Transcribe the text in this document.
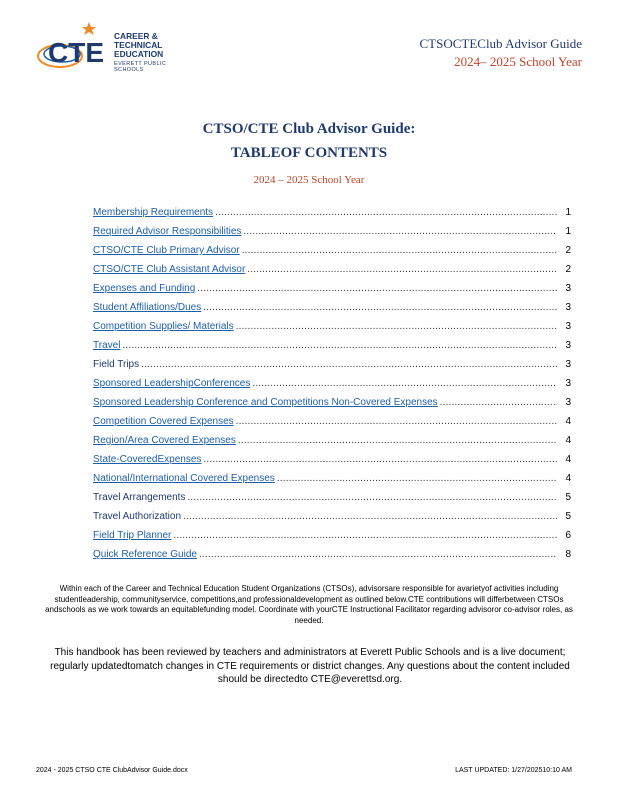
CTE
CAREER &
TECHNICAL
EDUCATION
EVERETT PUBLIC SCHOOLS
CTSOCTEClub Advisor Guide
2024– 2025 School Year
CTSO/CTE Club Advisor Guide:
TABLEOF CONTENTS
2024 – 2025 School Year
Membership Requirements .....	1
Required Advisor Responsibilities .....	1
CTSO/CTE Club Primary Advisor .....	2
CTSO/CTE Club Assistant Advisor .....	2
Expenses and Funding .....	3
Student Affiliations/Dues .....	3
Competition Supplies/ Materials .....	3
Travel .....	3
Field Trips .....	3
Sponsored LeadershipConferences .....	3
Sponsored Leadership Conference and Competitions Non-Covered Expenses .....	3
Competition Covered Expenses .....	4
Region/Area Covered Expenses .....	4
State-CoveredExpenses .....	4
National/International Covered Expenses .....	4
Travel Arrangements .....	5
Travel Authorization .....	5
Field Trip Planner .....	6
Quick Reference Guide .....	8
Within each of the Career and Technical Education Student Organizations (CTSOs), advisorsare responsible for avarietyof activities including studentleadership, communityservice, competitions,and professionaldevelopment as outlined below.CTE contributions will differbetween CTSOs andschools as we work towards an equitablefunding model. Coordinate with yourCTE Instructional Facilitator regarding advisoror co-advisor roles, as needed.
This handbook has been reviewed by teachers and administrators at Everett Public Schools and is a live document; regularly updatedtomatch changes in CTE requirements or district changes. Any questions about the content included should be directedto CTE@everettsd.org.
2024 - 2025 CTSO CTE ClubAdvisor Guide.docx	LAST UPDATED: 1/27/202510:10 AM
